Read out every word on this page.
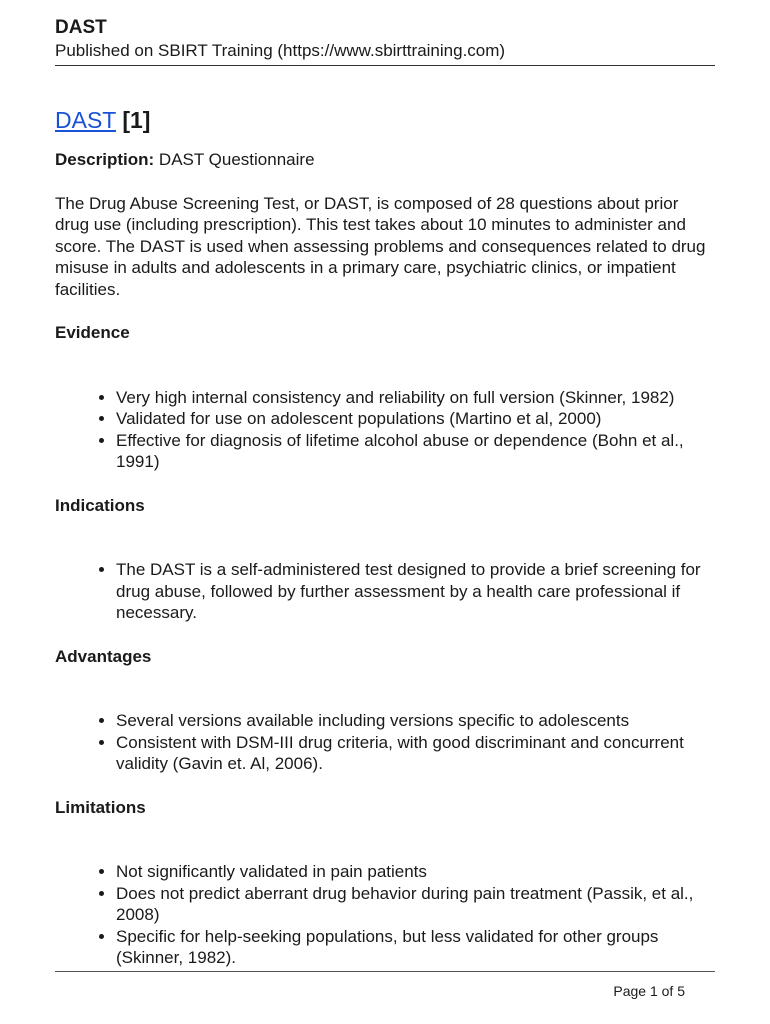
DAST
Published on SBIRT Training (https://www.sbirttraining.com)
DAST [1]

Description: DAST Questionnaire

The Drug Abuse Screening Test, or DAST, is composed of 28 questions about prior drug use (including prescription). This test takes about 10 minutes to administer and score. The DAST is used when assessing problems and consequences related to drug misuse in adults and adolescents in a primary care, psychiatric clinics, or impatient facilities.

Evidence
• Very high internal consistency and reliability on full version (Skinner, 1982)
• Validated for use on adolescent populations (Martino et al, 2000)
• Effective for diagnosis of lifetime alcohol abuse or dependence (Bohn et al., 1991)
Indications
• The DAST is a self-administered test designed to provide a brief screening for drug abuse, followed by further assessment by a health care professional if necessary.
Advantages
• Several versions available including versions specific to adolescents
• Consistent with DSM-III drug criteria, with good discriminant and concurrent validity (Gavin et. Al, 2006).
Limitations
• Not significantly validated in pain patients
• Does not predict aberrant drug behavior during pain treatment (Passik, et al., 2008)
• Specific for help-seeking populations, but less validated for other groups (Skinner, 1982).
Page 1 of 5
